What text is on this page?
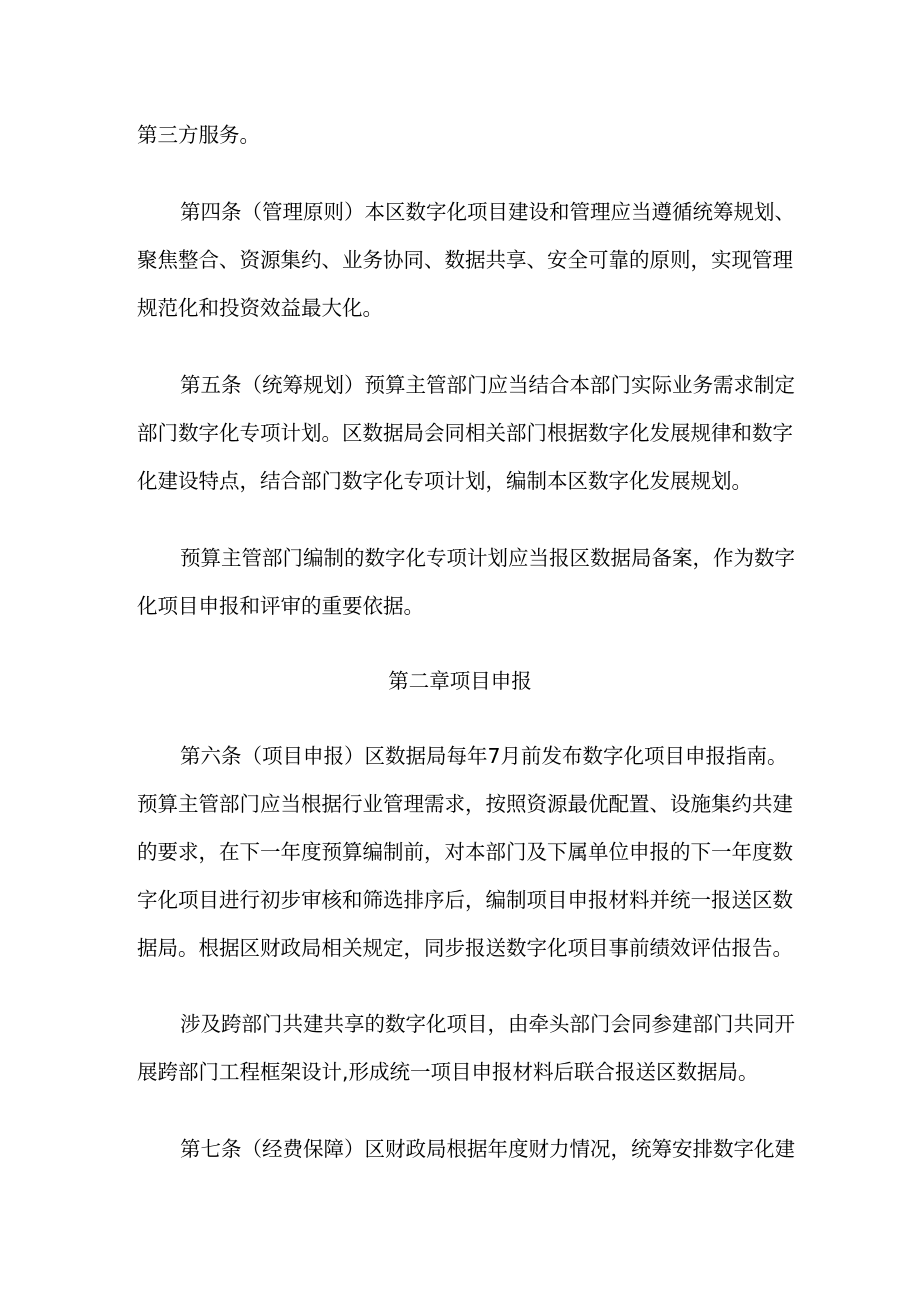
第三方服务。
第四条（管理原则）本区数字化项目建设和管理应当遵循统筹规划、
聚焦整合、资源集约、业务协同、数据共享、安全可靠的原则，实现管理
规范化和投资效益最大化。
第五条（统筹规划）预算主管部门应当结合本部门实际业务需求制定
部门数字化专项计划。区数据局会同相关部门根据数字化发展规律和数字
化建设特点，结合部门数字化专项计划，编制本区数字化发展规划。
预算主管部门编制的数字化专项计划应当报区数据局备案，作为数字
化项目申报和评审的重要依据。
第二章项目申报
第六条（项目申报）区数据局每年7月前发布数字化项目申报指南。
预算主管部门应当根据行业管理需求，按照资源最优配置、设施集约共建
的要求，在下一年度预算编制前，对本部门及下属单位申报的下一年度数
字化项目进行初步审核和筛选排序后，编制项目申报材料并统一报送区数
据局。根据区财政局相关规定，同步报送数字化项目事前绩效评估报告。
涉及跨部门共建共享的数字化项目，由牵头部门会同参建部门共同开
展跨部门工程框架设计,形成统一项目申报材料后联合报送区数据局。
第七条（经费保障）区财政局根据年度财力情况，统筹安排数字化建
